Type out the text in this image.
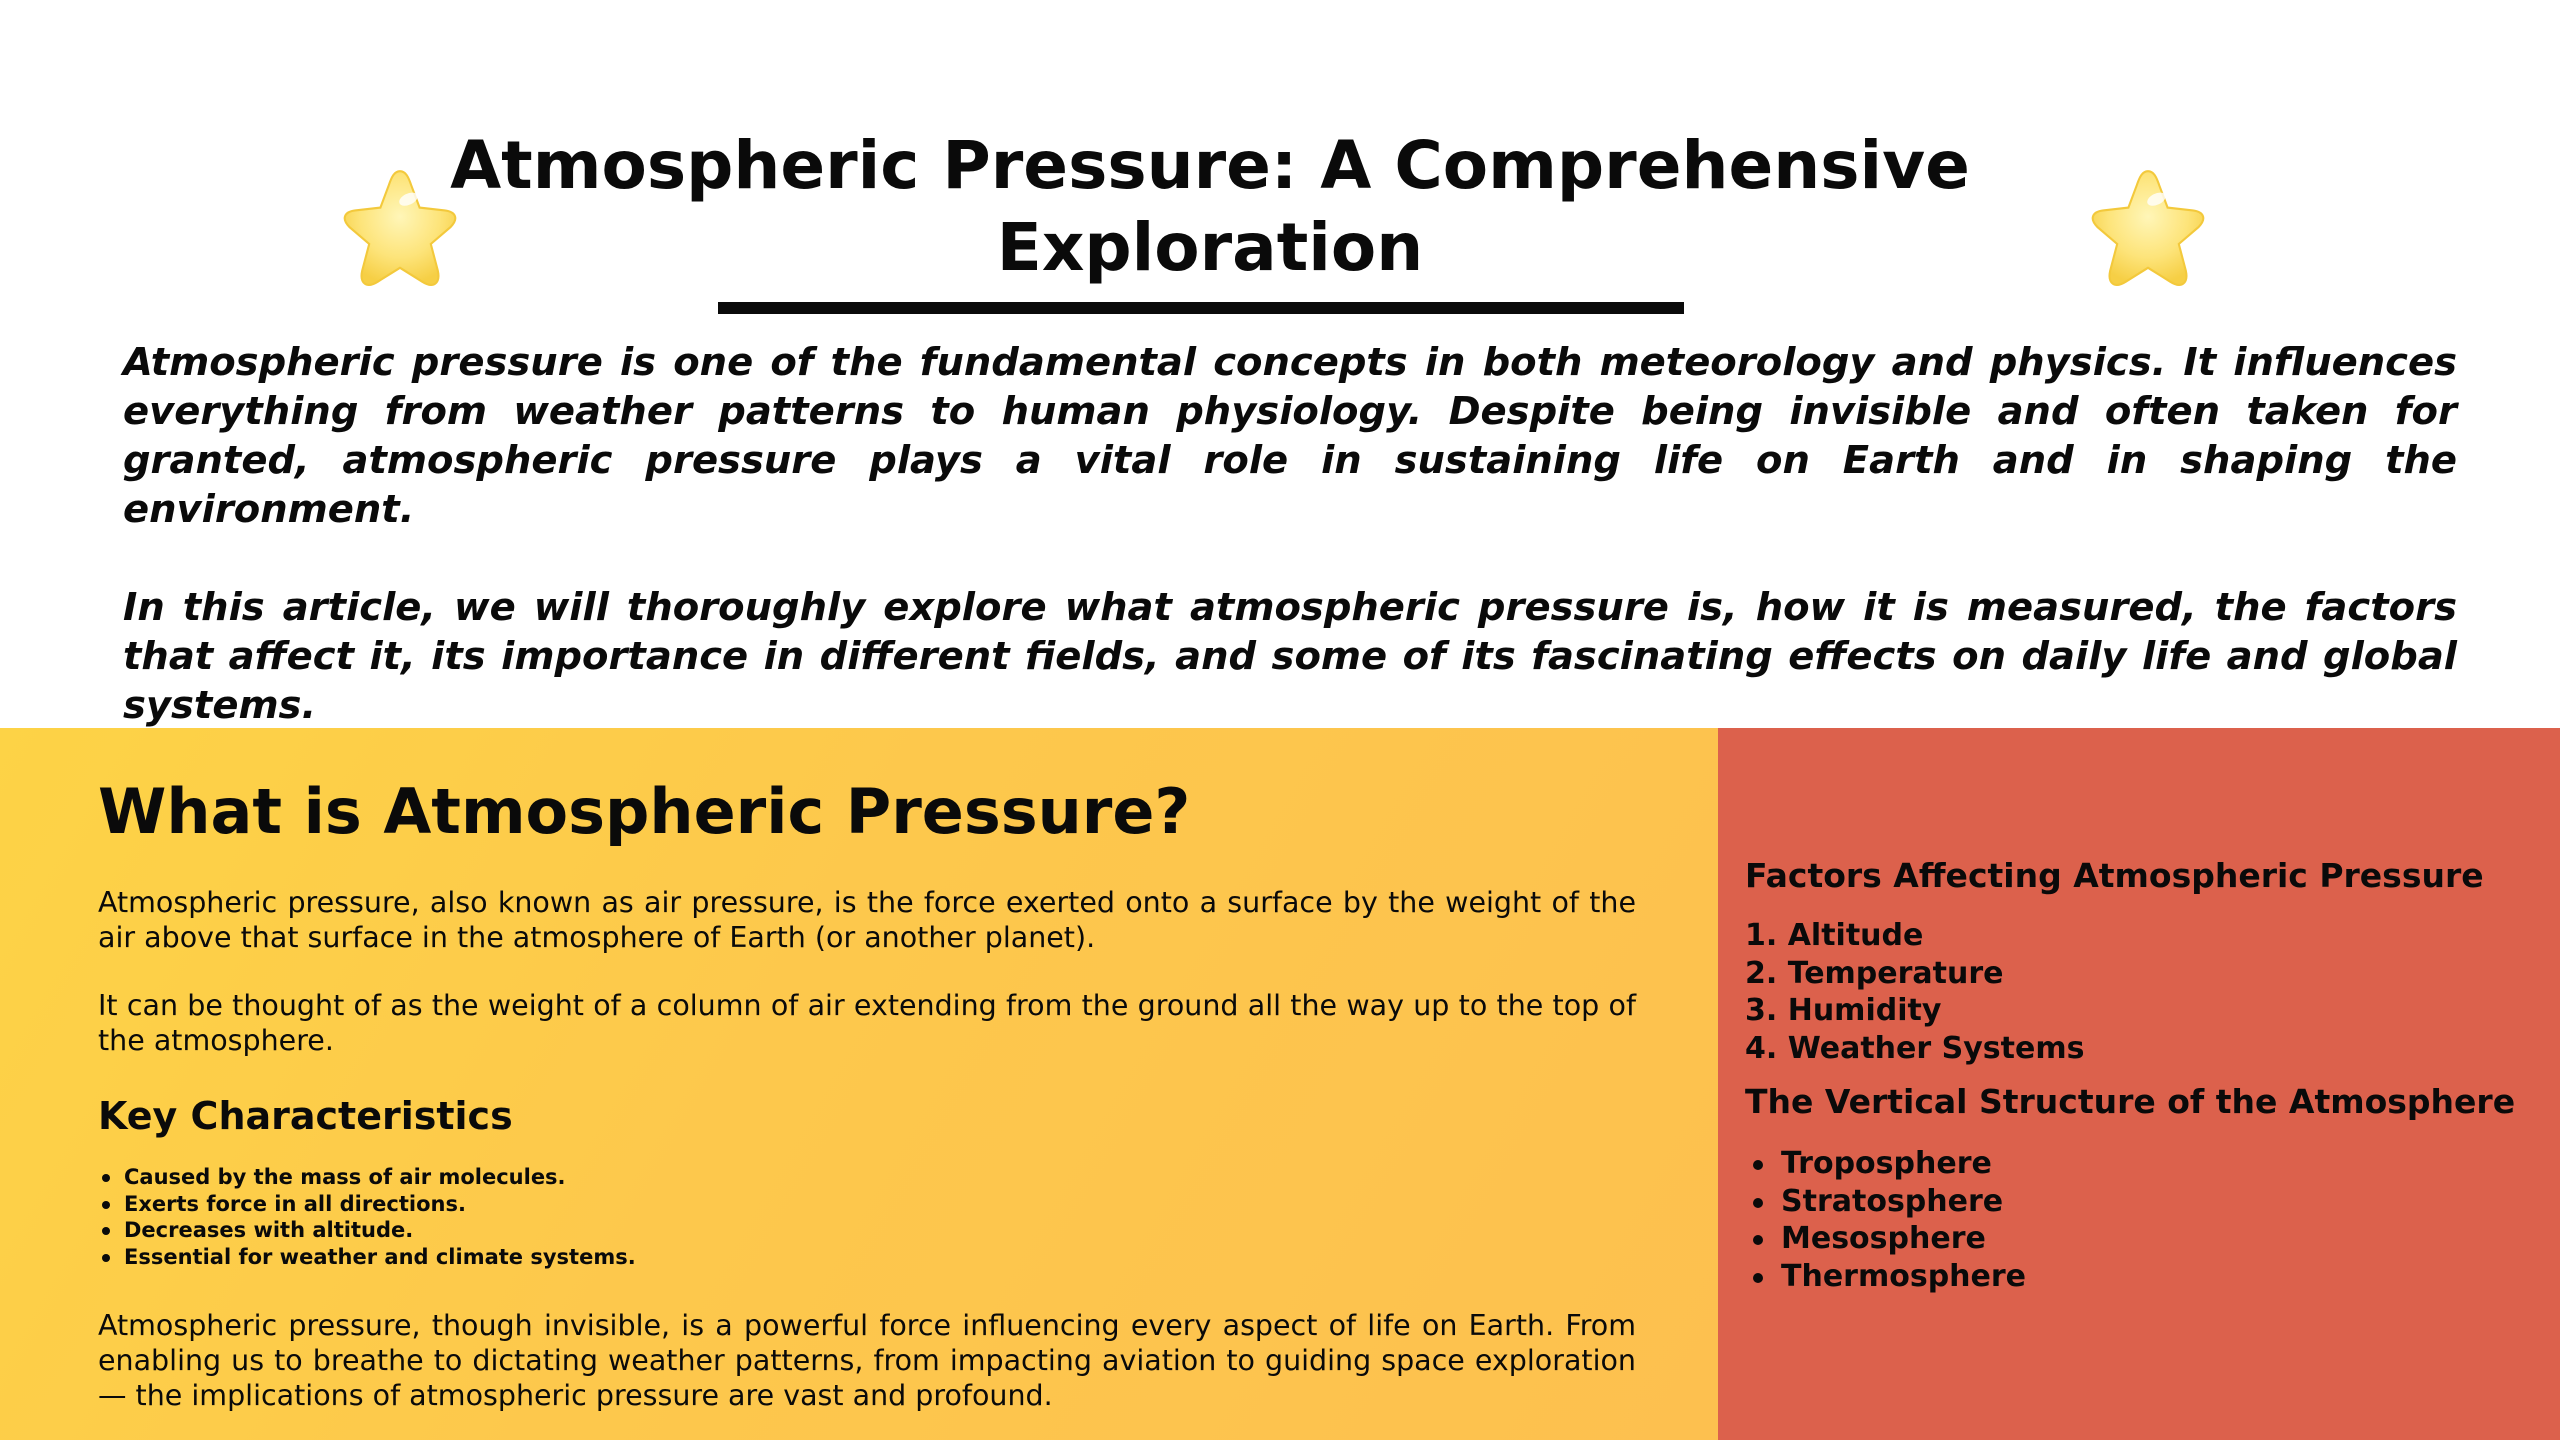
Atmospheric Pressure: A Comprehensive Exploration

Atmospheric pressure is one of the fundamental concepts in both meteorology and physics. It influences everything from weather patterns to human physiology. Despite being invisible and often taken for granted, atmospheric pressure plays a vital role in sustaining life on Earth and in shaping the environment.

In this article, we will thoroughly explore what atmospheric pressure is, how it is measured, the factors that affect it, its importance in different fields, and some of its fascinating effects on daily life and global systems.

What is Atmospheric Pressure?

Atmospheric pressure, also known as air pressure, is the force exerted onto a surface by the weight of the air above that surface in the atmosphere of Earth (or another planet).

It can be thought of as the weight of a column of air extending from the ground all the way up to the top of the atmosphere.

Key Characteristics
Caused by the mass of air molecules.
Exerts force in all directions.
Decreases with altitude.
Essential for weather and climate systems.

Atmospheric pressure, though invisible, is a powerful force influencing every aspect of life on Earth. From enabling us to breathe to dictating weather patterns, from impacting aviation to guiding space exploration — the implications of atmospheric pressure are vast and profound.

Factors Affecting Atmospheric Pressure
1. Altitude
2. Temperature
3. Humidity
4. Weather Systems
The Vertical Structure of the Atmosphere
Troposphere
Stratosphere
Mesosphere
Thermosphere
